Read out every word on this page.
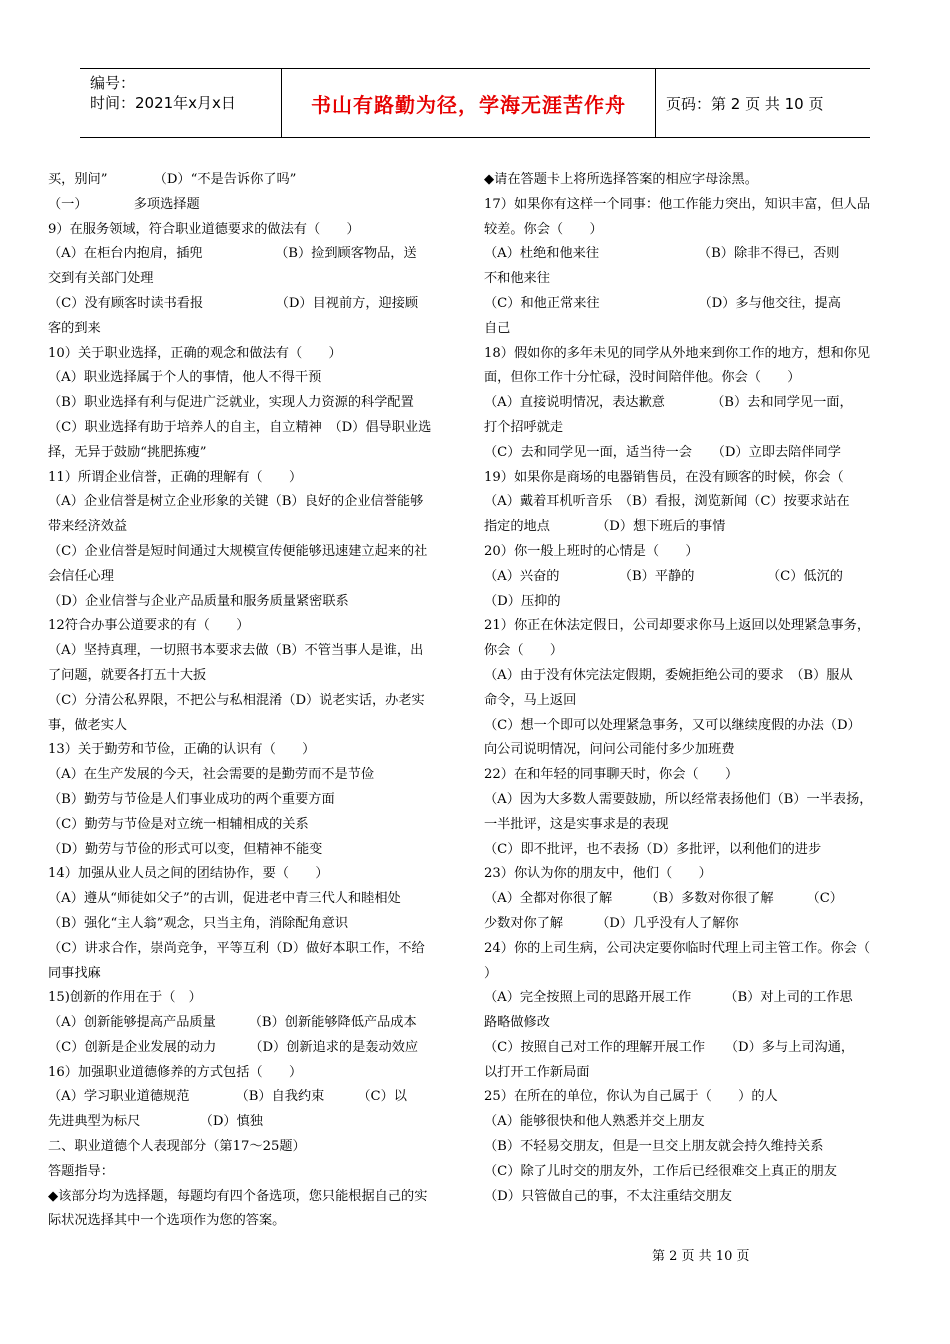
编号：
时间：2021年x月x日	书山有路勤为径，学海无涯苦作舟	页码：第 2 页 共 10 页
买，别问”　　　　（D）“不是告诉你了吗”
（一）　　　　多项选择题
9）在服务领域，符合职业道德要求的做法有（　　）
（A）在柜台内抱肩，插兜　　　　　　（B）捡到顾客物品，送
交到有关部门处理
（C）没有顾客时读书看报　　　　　　（D）目视前方，迎接顾
客的到来
10）关于职业选择，正确的观念和做法有（　　）
（A）职业选择属于个人的事情，他人不得干预
（B）职业选择有利与促进广泛就业，实现人力资源的科学配置
（C）职业选择有助于培养人的自主，自立精神　（D）倡导职业选
择，无异于鼓励“挑肥拣瘦”
11）所谓企业信誉，正确的理解有（　　）
（A）企业信誉是树立企业形象的关键（B）良好的企业信誉能够
带来经济效益
（C）企业信誉是短时间通过大规模宣传便能够迅速建立起来的社
会信任心理
（D）企业信誉与企业产品质量和服务质量紧密联系
12符合办事公道要求的有（　　）
（A）坚持真理，一切照书本要求去做（B）不管当事人是谁，出
了问题，就要各打五十大扳
（C）分清公私界限，不把公与私相混淆（D）说老实话，办老实
事，做老实人
13）关于勤劳和节俭，正确的认识有（　　）
（A）在生产发展的今天，社会需要的是勤劳而不是节俭
（B）勤劳与节俭是人们事业成功的两个重要方面
（C）勤劳与节俭是对立统一相辅相成的关系
（D）勤劳与节俭的形式可以变，但精神不能变
14）加强从业人员之间的团结协作，要（　　）
（A）遵从“师徒如父子”的古训，促进老中青三代人和睦相处
（B）强化“主人翁”观念，只当主角，消除配角意识
（C）讲求合作，崇尚竞争，平等互利（D）做好本职工作，不给
同事找麻
15)创新的作用在于（　）
（A）创新能够提高产品质量　　　（B）创新能够降低产品成本
（C）创新是企业发展的动力　　　（D）创新追求的是轰动效应
16）加强职业道德修养的方式包括（　　）
（A）学习职业道德规范　　　　（B）自我约束　　　（C）以
先进典型为标尺　　　　　（D）慎独
二、职业道德个人表现部分（第17～25题）
答题指导：
◆该部分均为选择题，每题均有四个备选项，您只能根据自己的实
际状况选择其中一个选项作为您的答案。
◆请在答题卡上将所选择答案的相应字母涂黑。
17）如果你有这样一个同事：他工作能力突出，知识丰富，但人品
较差。你会（　　）
（A）杜绝和他来往　　　　　　　　（B）除非不得已，否则
不和他来往
（C）和他正常来往　　　　　　　　（D）多与他交往，提高
自己
18）假如你的多年未见的同学从外地来到你工作的地方，想和你见
面，但你工作十分忙碌，没时间陪伴他。你会（　　）
（A）直接说明情况，表达歉意　　　　（B）去和同学见一面，
打个招呼就走
（C）去和同学见一面，适当待一会　　（D）立即去陪伴同学
19）如果你是商场的电器销售员，在没有顾客的时候，你会（
（A）戴着耳机听音乐　（B）看报，浏览新闻（C）按要求站在
指定的地点　　　　（D）想下班后的事情
20）你一般上班时的心情是（　　）
（A）兴奋的　　　　　（B）平静的　　　　　　（C）低沉的
（D）压抑的
21）你正在休法定假日，公司却要求你马上返回以处理紧急事务，
你会（　　）
（A）由于没有休完法定假期，委婉拒绝公司的要求　（B）服从
命令，马上返回
（C）想一个即可以处理紧急事务，又可以继续度假的办法（D）
向公司说明情况，问问公司能付多少加班费
22）在和年轻的同事聊天时，你会（　　）
（A）因为大多数人需要鼓励，所以经常表扬他们（B）一半表扬，
一半批评，这是实事求是的表现
（C）即不批评，也不表扬（D）多批评，以利他们的进步
23）你认为你的朋友中，他们（　　）
（A）全都对你很了解　　　（B）多数对你很了解　　　（C）
少数对你了解　　　（D）几乎没有人了解你
24）你的上司生病，公司决定要你临时代理上司主管工作。你会（
）
（A）完全按照上司的思路开展工作　　　（B）对上司的工作思
路略做修改
（C）按照自己对工作的理解开展工作　　（D）多与上司沟通，
以打开工作新局面
25）在所在的单位，你认为自己属于（　　）的人
（A）能够很快和他人熟悉并交上朋友
（B）不轻易交朋友，但是一旦交上朋友就会持久维持关系
（C）除了儿时交的朋友外，工作后已经很难交上真正的朋友
（D）只管做自己的事，不太注重结交朋友
第 2 页 共 10 页
